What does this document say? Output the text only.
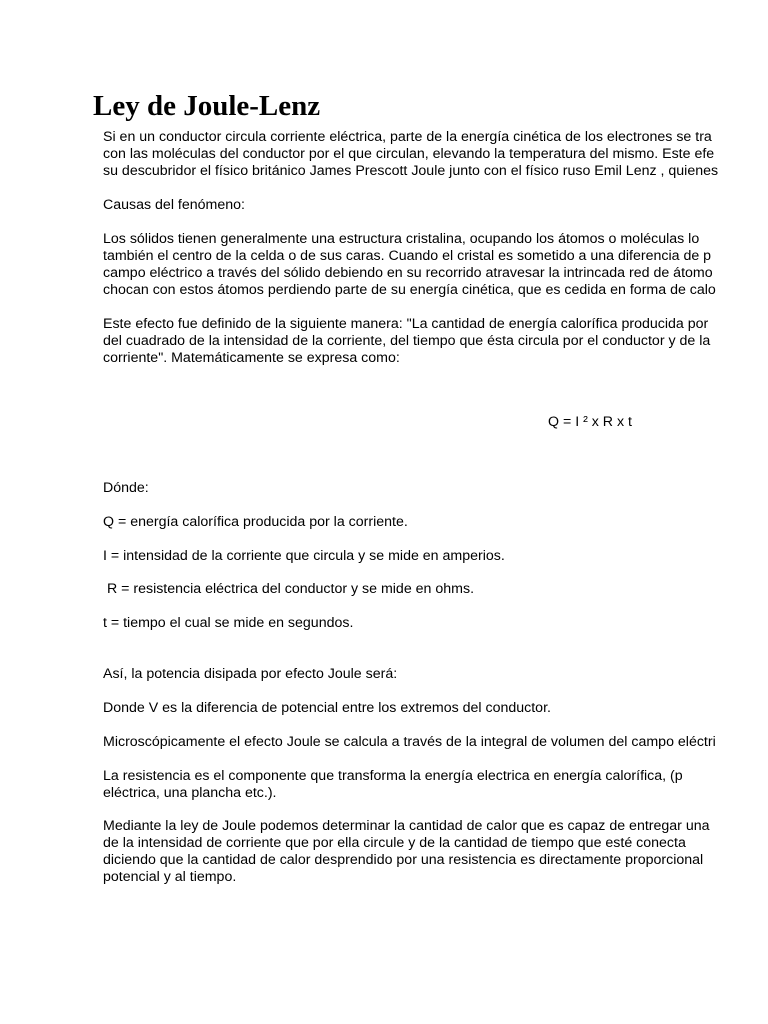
Ley de Joule-Lenz
Si en un conductor circula corriente eléctrica, parte de la energía cinética de los electrones se tra
con las moléculas del conductor por el que circulan, elevando la temperatura del mismo. Este efe
su descubridor el físico británico James Prescott Joule junto con el físico ruso Emil Lenz , quienes
Causas del fenómeno:
Los sólidos tienen generalmente una estructura cristalina, ocupando los átomos o moléculas lo
también el centro de la celda o de sus caras. Cuando el cristal es sometido a una diferencia de p
campo eléctrico a través del sólido debiendo en su recorrido atravesar la intrincada red de átomo
chocan con estos átomos perdiendo parte de su energía cinética, que es cedida en forma de calo
Este efecto fue definido de la siguiente manera: "La cantidad de energía calorífica producida por
del cuadrado de la intensidad de la corriente, del tiempo que ésta circula por el conductor y de la
corriente". Matemáticamente se expresa como:
Q = I ² x R x t
Dónde:
Q = energía calorífica producida por la corriente.
I = intensidad de la corriente que circula y se mide en amperios.
R = resistencia eléctrica del conductor y se mide en ohms.
t = tiempo el cual se mide en segundos.
Así, la potencia disipada por efecto Joule será:
Donde V es la diferencia de potencial entre los extremos del conductor.
Microscópicamente el efecto Joule se calcula a través de la integral de volumen del campo eléctri
La resistencia es el componente que transforma la energía electrica en energía calorífica, (p
eléctrica, una plancha etc.).
Mediante la ley de Joule podemos determinar la cantidad de calor que es capaz de entregar una
de la intensidad de corriente que por ella circule y de la cantidad de tiempo que esté conecta
diciendo que la cantidad de calor desprendido por una resistencia es directamente proporcional
potencial y al tiempo.
